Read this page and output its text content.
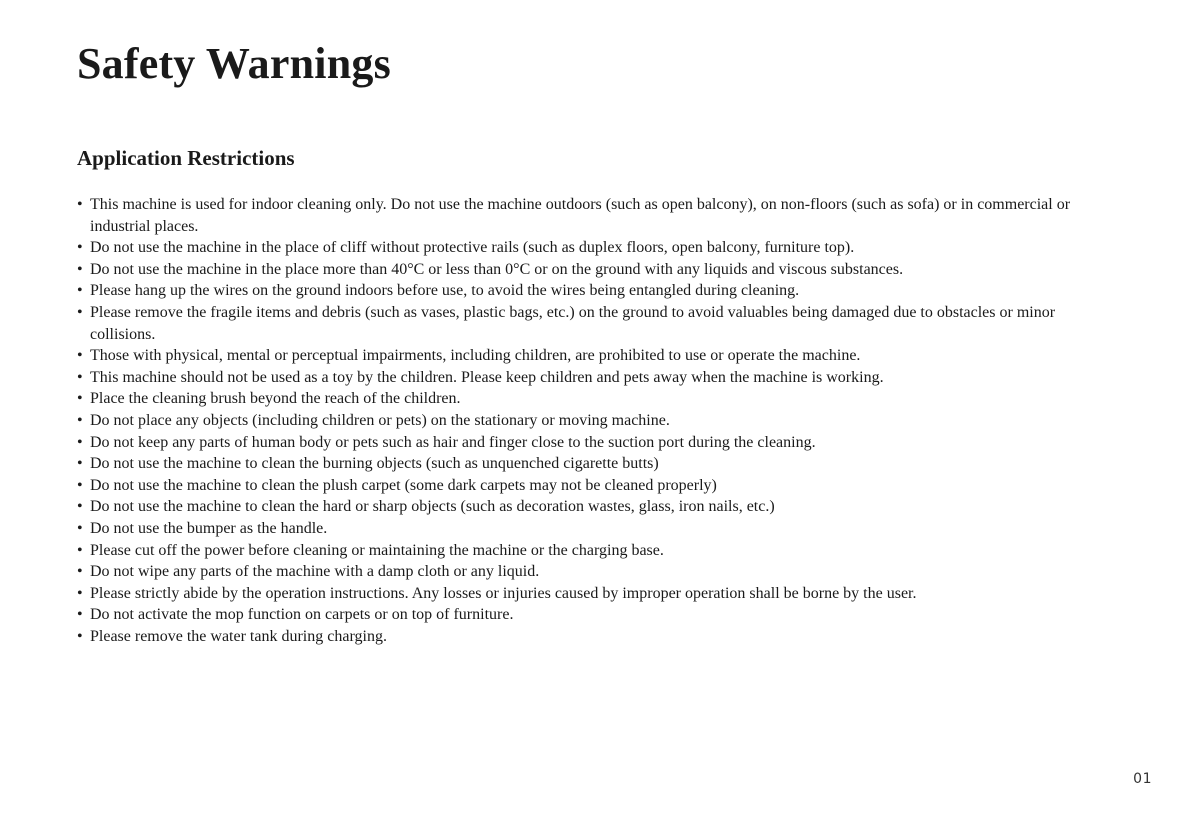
Safety Warnings
Application Restrictions
• This machine is used for indoor cleaning only. Do not use the machine outdoors (such as open balcony), on non-floors (such as sofa) or in commercial or industrial places.
• Do not use the machine in the place of cliff without protective rails (such as duplex floors, open balcony, furniture top).
• Do not use the machine in the place more than 40°C or less than 0°C or on the ground with any liquids and viscous substances.
• Please hang up the wires on the ground indoors before use, to avoid the wires being entangled during cleaning.
• Please remove the fragile items and debris (such as vases, plastic bags, etc.) on the ground to avoid valuables being damaged due to obstacles or minor collisions.
• Those with physical, mental or perceptual impairments, including children, are prohibited to use or operate the machine.
• This machine should not be used as a toy by the children. Please keep children and pets away when the machine is working.
• Place the cleaning brush beyond the reach of the children.
• Do not place any objects (including children or pets) on the stationary or moving machine.
• Do not keep any parts of human body or pets such as hair and finger close to the suction port during the cleaning.
• Do not use the machine to clean the burning objects (such as unquenched cigarette butts)
• Do not use the machine to clean the plush carpet (some dark carpets may not be cleaned properly)
• Do not use the machine to clean the hard or sharp objects (such as decoration wastes, glass, iron nails, etc.)
• Do not use the bumper as the handle.
• Please cut off the power before cleaning or maintaining the machine or the charging base.
• Do not wipe any parts of the machine with a damp cloth or any liquid.
• Please strictly abide by the operation instructions. Any losses or injuries caused by improper operation shall be borne by the user.
• Do not activate the mop function on carpets or on top of furniture.
• Please remove the water tank during charging.
01
